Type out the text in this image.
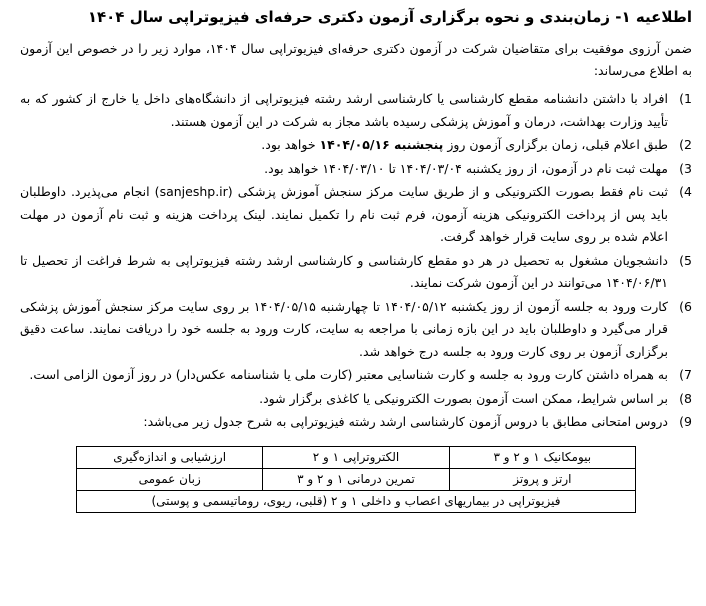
اطلاعیه ۱- زمان‌بندی و نحوه برگزاری آزمون دکتری حرفه‌ای فیزیوتراپی سال ۱۴۰۴
ضمن آرزوی موفقیت برای متقاضیان شرکت در آزمون دکتری حرفه‌ای فیزیوتراپی سال ۱۴۰۴، موارد زیر را در خصوص این آزمون به اطلاع می‌رساند:
1)
افراد با داشتن دانشنامه مقطع کارشناسی یا کارشناسی ارشد رشته فیزیوتراپی از دانشگاه‌های داخل یا خارج از کشور که به تأیید وزارت بهداشت، درمان و آموزش پزشکی رسیده باشد مجاز به شرکت در این آزمون هستند.
2)
طبق اعلام قبلی، زمان برگزاری آزمون روز پنجشنبه ۱۴۰۴/۰۵/۱۶ خواهد بود.
3)
مهلت ثبت نام در آزمون، از روز یکشنبه ۱۴۰۴/۰۳/۰۴ تا ۱۴۰۴/۰۳/۱۰ خواهد بود.
4)
ثبت نام فقط بصورت الکترونیکی و از طریق سایت مرکز سنجش آموزش پزشکی (sanjeshp.ir) انجام می‌پذیرد. داوطلبان باید پس از پرداخت الکترونیکی هزینه آزمون، فرم ثبت نام را تکمیل نمایند. لینک پرداخت هزینه و ثبت نام آزمون در مهلت اعلام شده بر روی سایت قرار خواهد گرفت.
5)
دانشجویان مشغول به تحصیل در هر دو مقطع کارشناسی و کارشناسی ارشد رشته فیزیوتراپی به شرط فراغت از تحصیل تا ۱۴۰۴/۰۶/۳۱ می‌توانند در این آزمون شرکت نمایند.
6)
کارت ورود به جلسه آزمون از روز یکشنبه ۱۴۰۴/۰۵/۱۲ تا چهارشنبه ۱۴۰۴/۰۵/۱۵ بر روی سایت مرکز سنجش آموزش پزشکی قرار می‌گیرد و داوطلبان باید در این بازه زمانی با مراجعه به سایت، کارت ورود به جلسه خود را دریافت نمایند. ساعت دقیق برگزاری آزمون بر روی کارت ورود به جلسه درج خواهد شد.
7)
به همراه داشتن کارت ورود به جلسه و کارت شناسایی معتبر (کارت ملی یا شناسنامه عکس‌دار) در روز آزمون الزامی است.
8)
بر اساس شرایط، ممکن است آزمون بصورت الکترونیکی یا کاغذی برگزار شود.
9)
دروس امتحانی مطابق با دروس آزمون کارشناسی ارشد رشته فیزیوتراپی به شرح جدول زیر می‌باشد:
بیومکانیک ۱ و ۲ و ۳	الکتروتراپی ۱ و ۲	ارزشیابی و اندازه‌گیری
ارتز و پروتز	تمرین درمانی ۱ و ۲ و ۳	زبان عمومی
فیزیوتراپی در بیماریهای اعصاب و داخلی ۱ و ۲ (قلبی، ریوی، روماتیسمی و پوستی)		
